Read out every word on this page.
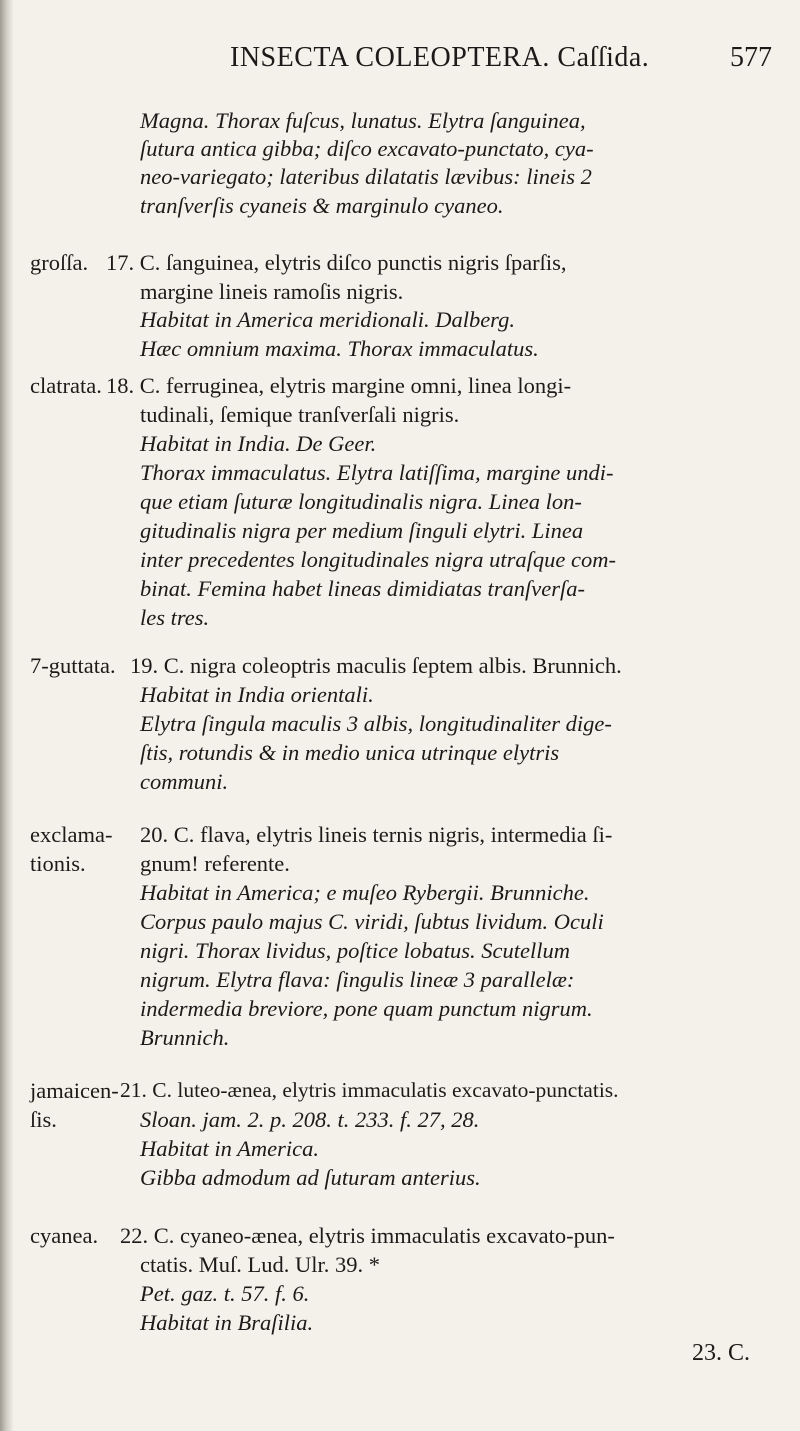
INSECTA COLEOPTERA. Caſſida.	577
Magna. Thorax fuſcus, lunatus. Elytra ſanguinea,
ſutura antica gibba; diſco excavato-punctato, cya-
neo-variegato; lateribus dilatatis lævibus: lineis 2
tranſverſis cyaneis & marginulo cyaneo.
groſſa. 17. C. ſanguinea, elytris diſco punctis nigris ſparſis,
margine lineis ramoſis nigris.
Habitat in America meridionali. Dalberg.
Hæc omnium maxima. Thorax immaculatus.
clatrata. 18. C. ferruginea, elytris margine omni, linea longi-
tudinali, ſemique tranſverſali nigris.
Habitat in India. De Geer.
Thorax immaculatus. Elytra latiſſima, margine undi-
que etiam ſuturæ longitudinalis nigra. Linea lon-
gitudinalis nigra per medium ſinguli elytri. Linea
inter precedentes longitudinales nigra utraſque com-
binat. Femina habet lineas dimidiatas tranſverſa-
les tres.
7-guttata. 19. C. nigra coleoptris maculis ſeptem albis. Brunnich.
Habitat in India orientali.
Elytra ſingula maculis 3 albis, longitudinaliter dige-
ſtis, rotundis & in medio unica utrinque elytris
communi.
exclama-
tionis.
20. C. flava, elytris lineis ternis nigris, intermedia ſi-
gnum! referente.
Habitat in America; e muſeo Rybergii. Brunniche.
Corpus paulo majus C. viridi, ſubtus lividum. Oculi
nigri. Thorax lividus, poſtice lobatus. Scutellum
nigrum. Elytra flava: ſingulis lineæ 3 parallelæ:
indermedia breviore, pone quam punctum nigrum.
Brunnich.
jamaicen-
ſis.
21. C. luteo-ænea, elytris immaculatis excavato-punctatis.
Sloan. jam. 2. p. 208. t. 233. f. 27, 28.
Habitat in America.
Gibba admodum ad ſuturam anterius.
cyanea. 22. C. cyaneo-ænea, elytris immaculatis excavato-pun-
ctatis. Muſ. Lud. Ulr. 39. *
Pet. gaz. t. 57. f. 6.
Habitat in Braſilia.
23. C.
